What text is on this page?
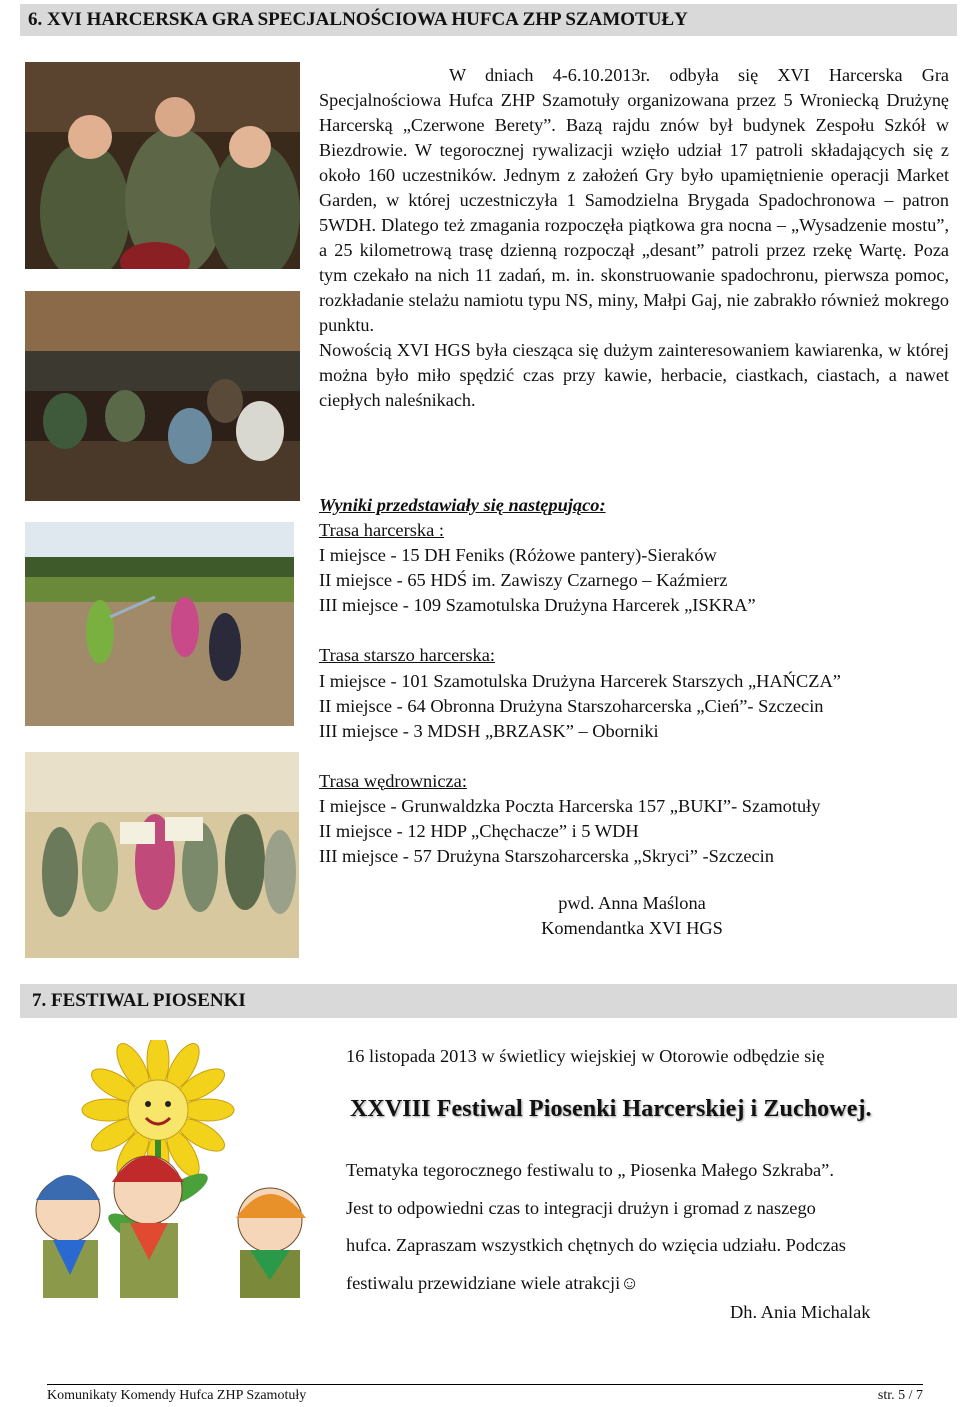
6. XVI HARCERSKA GRA SPECJALNOŚCIOWA HUFCA ZHP SZAMOTUŁY

W dniach 4-6.10.2013r. odbyła się XVI Harcerska Gra Specjalnościowa Hufca ZHP Szamotuły organizowana przez 5 Wroniecką Drużynę Harcerską „Czerwone Berety”. Bazą rajdu znów był budynek Zespołu Szkół w Biezdrowie. W tegorocznej rywalizacji wzięło udział 17 patroli składających się z około 160 uczestników. Jednym z założeń Gry było upamiętnienie operacji Market Garden, w której uczestniczyła 1 Samodzielna Brygada Spadochronowa – patron 5WDH. Dlatego też zmagania rozpoczęła piątkowa gra nocna – „Wysadzenie mostu”, a 25 kilometrową trasę dzienną rozpoczął „desant” patroli przez rzekę Wartę. Poza tym czekało na nich 11 zadań, m. in. skonstruowanie spadochronu, pierwsza pomoc, rozkładanie stelażu namiotu typu NS, miny, Małpi Gaj, nie zabrakło również mokrego punktu.

Nowością XVI HGS była ciesząca się dużym zainteresowaniem kawiarenka, w której można było miło spędzić czas przy kawie, herbacie, ciastkach, ciastach, a nawet ciepłych naleśnikach.

Wyniki przedstawiały się następująco:
Trasa harcerska :
I miejsce - 15 DH Feniks (Różowe pantery)-Sieraków
II miejsce - 65 HDŚ im. Zawiszy Czarnego – Kaźmierz
III miejsce - 109 Szamotulska Drużyna Harcerek „ISKRA”
Trasa starszo harcerska:
I miejsce - 101 Szamotulska Drużyna Harcerek Starszych „HAŃCZA”
II miejsce - 64 Obronna Drużyna Starszoharcerska „Cień”- Szczecin
III miejsce - 3 MDSH „BRZASK” – Oborniki
Trasa wędrownicza:
I miejsce - Grunwaldzka Poczta Harcerska 157 „BUKI”- Szamotuły
II miejsce - 12 HDP „Chęchacze” i 5 WDH
III miejsce - 57 Drużyna Starszoharcerska „Skryci” -Szczecin
pwd. Anna Maślona
Komendantka XVI HGS
7. FESTIWAL PIOSENKI
16 listopada 2013 w świetlicy wiejskiej w Otorowie odbędzie się
XXVIII Festiwal Piosenki Harcerskiej i Zuchowej.
Tematyka tegorocznego festiwalu to „ Piosenka Małego Szkraba”.
Jest to odpowiedni czas to integracji drużyn i gromad z naszego
hufca. Zapraszam wszystkich chętnych do wzięcia udziału. Podczas
festiwalu przewidziane wiele atrakcji☺
Dh. Ania Michalak
Komunikaty Komendy Hufca ZHP Szamotuły	str. 5 / 7
